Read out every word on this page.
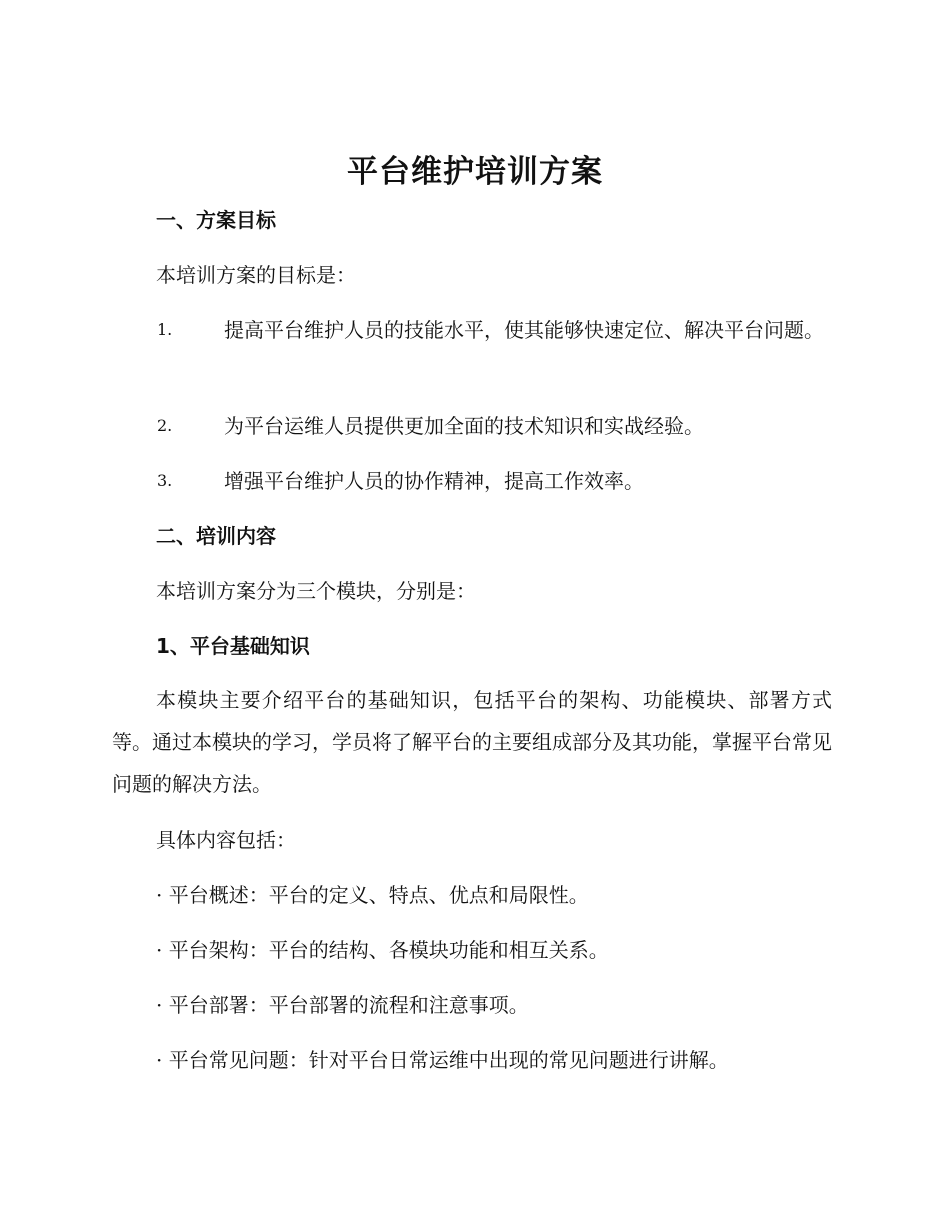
平台维护培训方案
一、方案目标
本培训方案的目标是：
1.	提高平台维护人员的技能水平，使其能够快速定位、解决平台问题。
2.	为平台运维人员提供更加全面的技术知识和实战经验。
3.	增强平台维护人员的协作精神，提高工作效率。
二、培训内容
本培训方案分为三个模块，分别是：
1、平台基础知识
本模块主要介绍平台的基础知识，包括平台的架构、功能模块、部署方式等。通过本模块的学习，学员将了解平台的主要组成部分及其功能，掌握平台常见问题的解决方法。
具体内容包括：
· 平台概述：平台的定义、特点、优点和局限性。
· 平台架构：平台的结构、各模块功能和相互关系。
· 平台部署：平台部署的流程和注意事项。
· 平台常见问题：针对平台日常运维中出现的常见问题进行讲解。
